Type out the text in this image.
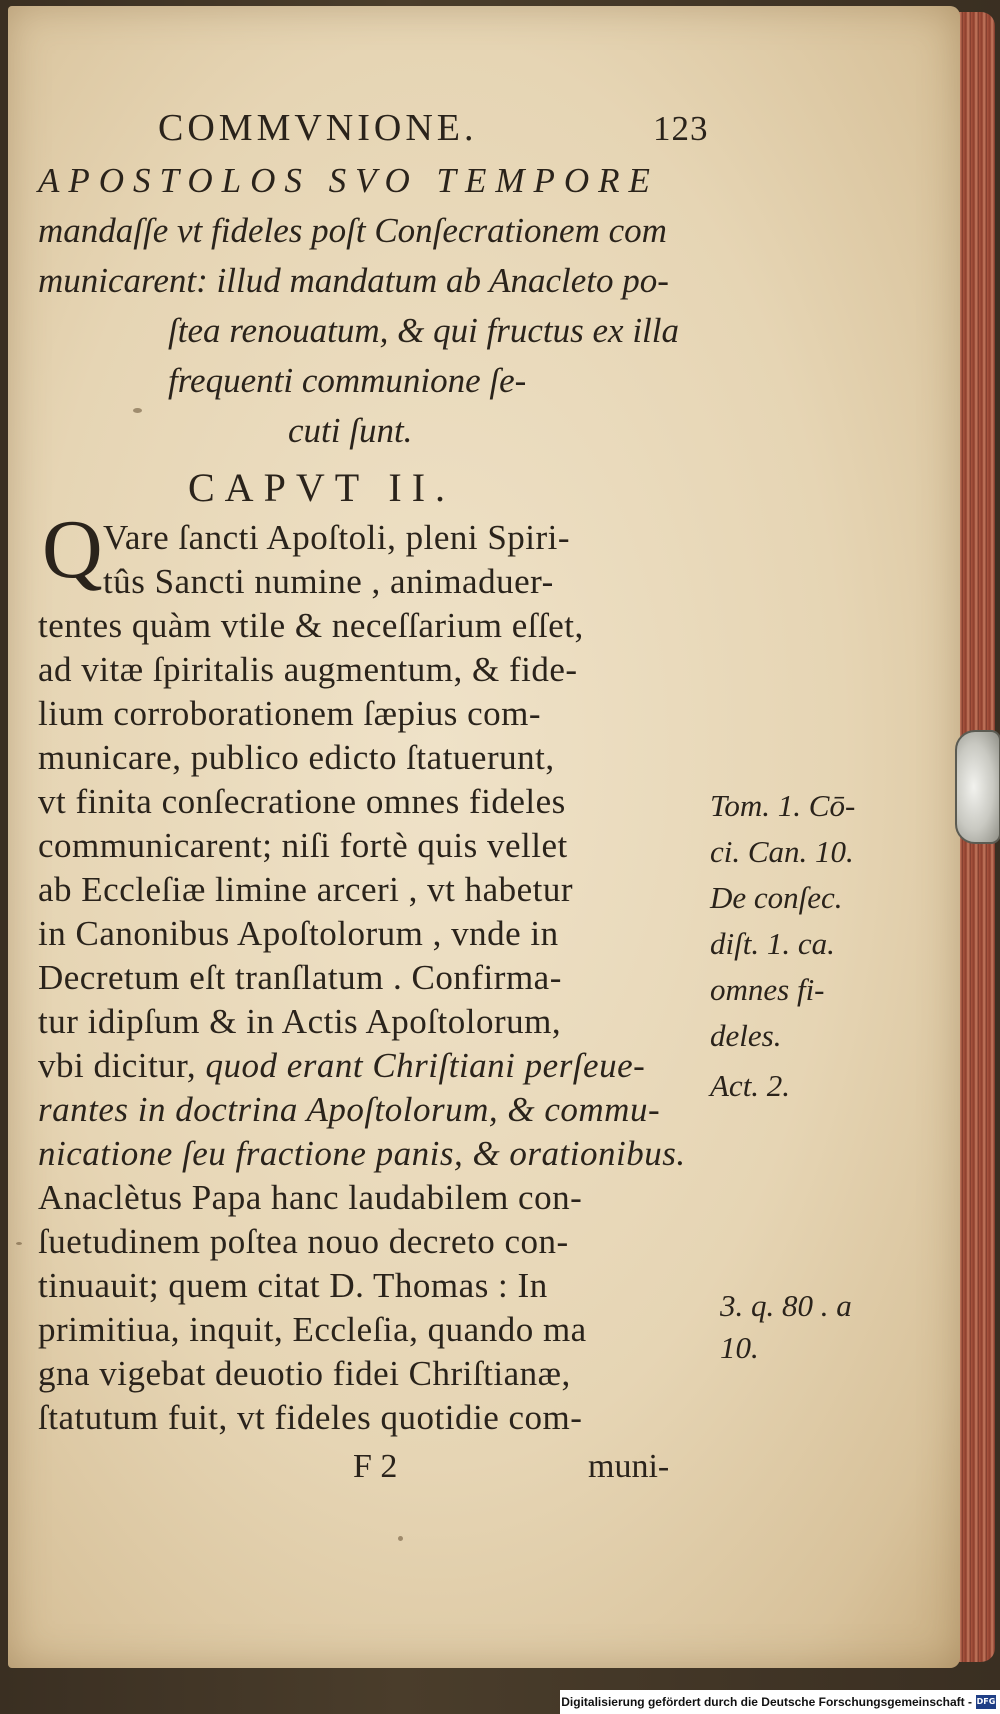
COMMVNIONE.	123
APOSTOLOS SVO TEMPORE
mandaſſe vt fideles poſt Conſecrationem com
municarent: illud mandatum ab Anacleto po-
ſtea renouatum, & qui fructus ex illa
frequenti communione ſe-
cuti ſunt.
CAPVT II.
Q Vare ſancti Apoſtoli, pleni Spiri-
tûs Sancti numine , animaduer-
tentes quàm vtile & neceſſarium eſſet,
ad vitæ ſpiritalis augmentum, & fide-
lium corroborationem ſæpius com-
municare, publico edicto ſtatuerunt,
vt finita conſecratione omnes fideles
communicarent; niſi fortè quis vellet
ab Eccleſiæ limine arceri , vt habetur
in Canonibus Apoſtolorum , vnde in
Decretum eſt tranſlatum . Confirma-
tur idipſum & in Actis Apoſtolorum,
vbi dicitur, quod erant Chriſtiani perſeue-
rantes in doctrina Apoſtolorum, & commu-
nicatione ſeu fractione panis, & orationibus.
Anaclètus Papa hanc laudabilem con-
ſuetudinem poſtea nouo decreto con-
tinuauit; quem citat D. Thomas : In
primitiua, inquit, Eccleſia, quando ma
gna vigebat deuotio fidei Chriſtianæ,
ſtatutum fuit, vt fideles quotidie com-
F 2	muni-
Tom. 1. Cō-
ci. Can. 10.
De conſec.
diſt. 1. ca.
omnes fi-
deles.
Act. 2.
3. q. 80 . a
10.
Digitalisierung gefördert durch die Deutsche Forschungsgemeinschaft - DFG
